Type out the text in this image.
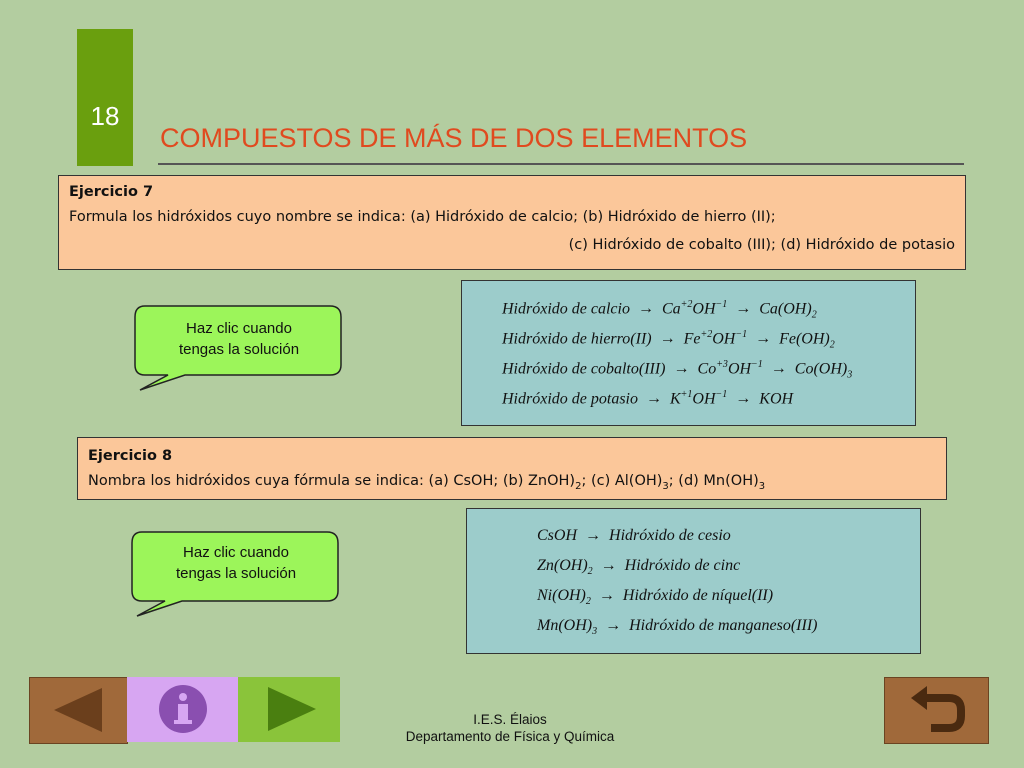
18
COMPUESTOS DE MÁS DE DOS ELEMENTOS
Ejercicio 7
Formula los hidróxidos cuyo nombre se indica: (a) Hidróxido de calcio; (b) Hidróxido de hierro (II);
(c) Hidróxido de cobalto (III); (d) Hidróxido de potasio
Haz clic cuando
tengas la solución
Hidróxido de calcio → $Ca^{+2}OH^{-1} \to Ca(OH)_2$
Hidróxido de hierro(II) → $Fe^{+2}OH^{-1} \to Fe(OH)_2$
Hidróxido de cobalto(III) → $Co^{+3}OH^{-1} \to Co(OH)_3$
Hidróxido de potasio → $K^{+1}OH^{-1}$ → KOH
Ejercicio 8
Nombra los hidróxidos cuya fórmula se indica: (a) CsOH; (b) $ZnOH)_2$; (c) $Al(OH)_3$; (d) $Mn(OH)_3$
Haz clic cuando
tengas la solución
CsOH → Hidróxido de cesio
$Zn(OH)_2$ → Hidróxido de cinc
$Ni(OH)_2$ → Hidróxido de níquel(II)
$Mn(OH)_3$ → Hidróxido de manganeso(III)
I.E.S. Élaios
Departamento de Física y Química
